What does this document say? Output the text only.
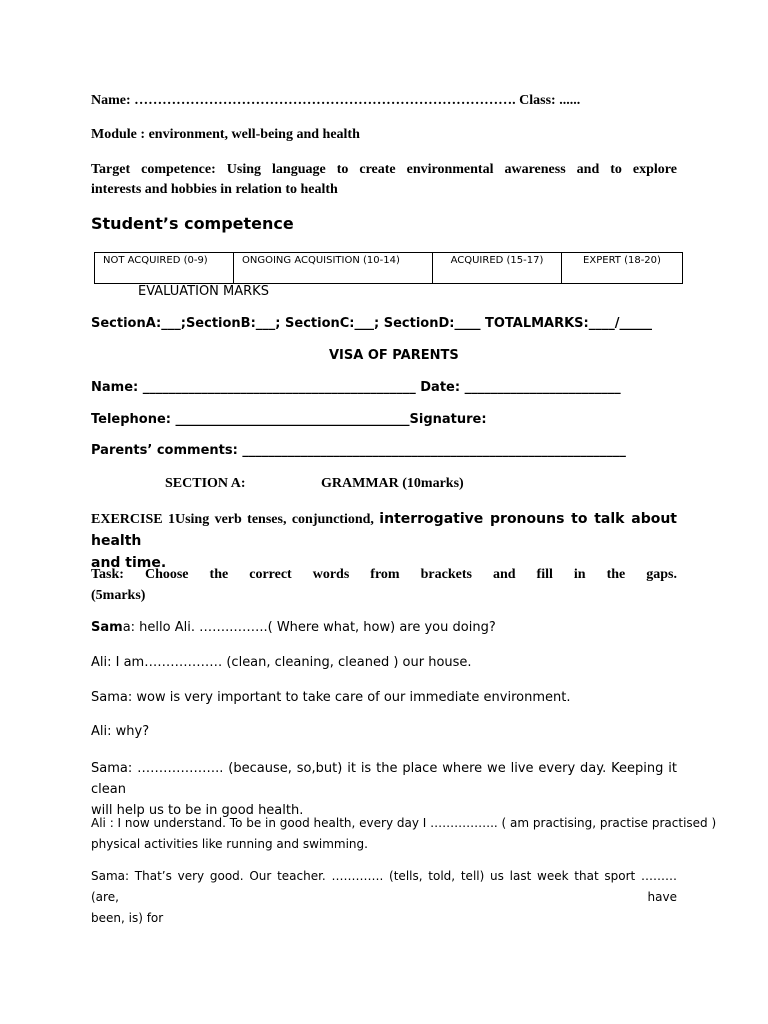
Name: ………………………………………………………………………. Class: ......
Module : environment, well-being and health
Target competence: Using language to create environmental awareness and to explore
interests and hobbies in relation to health
Student’s competence
NOT ACQUIRED (0-9)	ONGOING ACQUISITION (10-14)	ACQUIRED (15-17)	EXPERT (18-20)
EVALUATION MARKS
SectionA:___;SectionB:___; SectionC:___; SectionD:____ TOTALMARKS:____/_____
VISA OF PARENTS
Name: __________________________________________ Date: ________________________
Telephone: ____________________________________Signature:
Parents’ comments: ___________________________________________________________
SECTION A:	GRAMMAR (10marks)
EXERCISE 1Using verb tenses, conjunctiond, interrogative pronouns to talk about health
and time.
Task: Choose the correct words from brackets and fill in the gaps.
(5marks)
Sama: hello Ali. ……..……..( Where what, how) are you doing?
Ali: I am……………… (clean, cleaning, cleaned ) our house.
Sama: wow is very important to take care of our immediate environment.
Ali: why?
Sama: ……………….. (because, so,but) it is the place where we live every day. Keeping it clean
will help us to be in good health.
Ali : I now understand. To be in good health, every day I …………….. ( am practising, practise practised )
physical activities like running and swimming.
Sama: That’s very good. Our teacher. …………. (tells, told, tell) us last week that sport ……… (are, have
been, is) for
